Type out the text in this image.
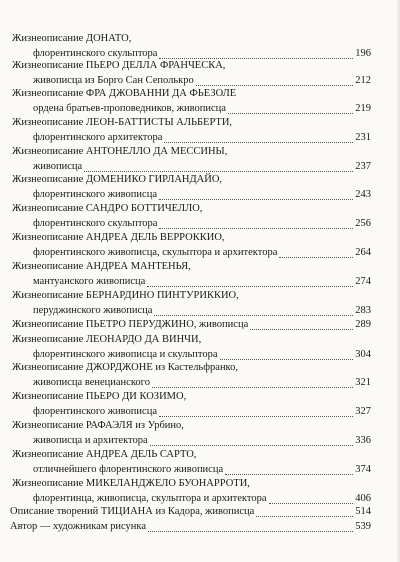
Жизнеописание ДОНАТО,
флорентинского скульптора	196
Жизнеописание ПЬЕРО ДЕЛЛА ФРАНЧЕСКА,
живописца из Борго Сан Сеполькро	212
Жизнеописание ФРА ДЖОВАННИ ДА ФЬЕЗОЛЕ
ордена братьев-проповедников, живописца	219
Жизнеописание ЛЕОН-БАТТИСТЫ АЛЬБЕРТИ,
флорентинского архитектора	231
Жизнеописание АНТОНЕЛЛО ДА МЕССИНЫ,
живописца	237
Жизнеописание ДОМЕНИКО ГИРЛАНДАЙО,
флорентинского живописца	243
Жизнеописание САНДРО БОТТИЧЕЛЛО,
флорентинского скульптора	256
Жизнеописание АНДРЕА ДЕЛЬ ВЕРРОККИО,
флорентинского живописца, скульптора и архитектора	264
Жизнеописание АНДРЕА МАНТЕНЬЯ,
мантуанского живописца	274
Жизнеописание БЕРНАРДИНО ПИНТУРИККИО,
перуджинского живописца	283
Жизнеописание ПЬЕТРО ПЕРУДЖИНО, живописца	289
Жизнеописание ЛЕОНАРДО ДА ВИНЧИ,
флорентинского живописца и скульптора	304
Жизнеописание ДЖОРДЖОНЕ из Кастельфранко,
живописца венецианского	321
Жизнеописание ПЬЕРО ДИ КОЗИМО,
флорентинского живописца	327
Жизнеописание РАФАЭЛЯ из Урбино,
живописца и архитектора	336
Жизнеописание АНДРЕА ДЕЛЬ САРТО,
отличнейшего флорентинского живописца	374
Жизнеописание МИКЕЛАНДЖЕЛО БУОНАРРОТИ,
флорентинца, живописца, скульптора и архитектора	406
Описание творений ТИЦИАНА из Кадора, живописца	514
Автор — художникам рисунка	539
